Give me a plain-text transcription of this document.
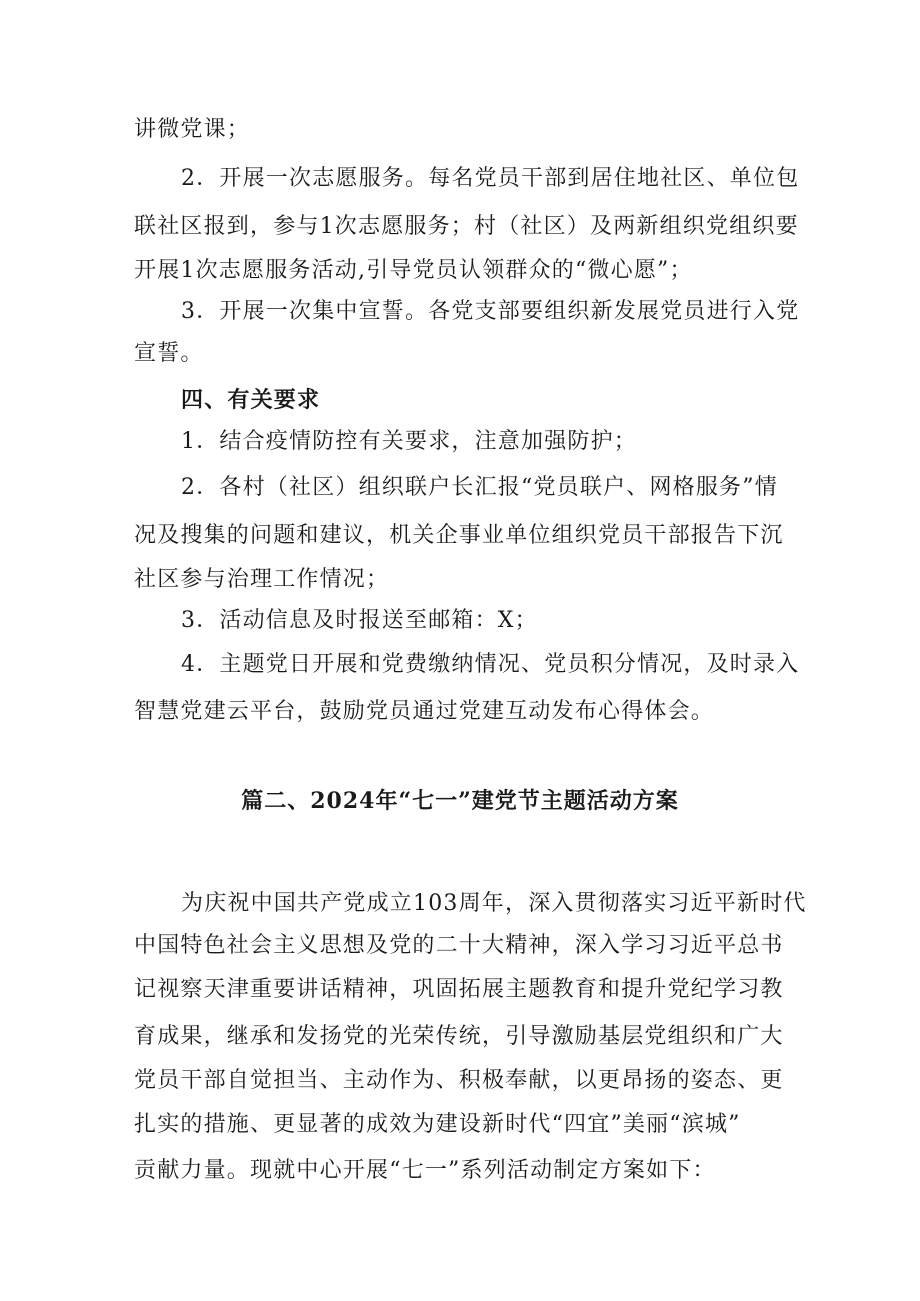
讲微党课；
2．开展一次志愿服务。每名党员干部到居住地社区、单位包
联社区报到，参与1次志愿服务；村（社区）及两新组织党组织要
开展1次志愿服务活动,引导党员认领群众的“微心愿”；
3．开展一次集中宣誓。各党支部要组织新发展党员进行入党
宣誓。
四、有关要求
1．结合疫情防控有关要求，注意加强防护；
2．各村（社区）组织联户长汇报“党员联户、网格服务”情
况及搜集的问题和建议，机关企事业单位组织党员干部报告下沉
社区参与治理工作情况；
3．活动信息及时报送至邮箱：X；
4．主题党日开展和党费缴纳情况、党员积分情况，及时录入
智慧党建云平台，鼓励党员通过党建互动发布心得体会。
篇二、2024年“七一”建党节主题活动方案
为庆祝中国共产党成立103周年，深入贯彻落实习近平新时代
中国特色社会主义思想及党的二十大精神，深入学习习近平总书
记视察天津重要讲话精神，巩固拓展主题教育和提升党纪学习教
育成果，继承和发扬党的光荣传统，引导激励基层党组织和广大
党员干部自觉担当、主动作为、积极奉献，以更昂扬的姿态、更
扎实的措施、更显著的成效为建设新时代“四宜”美丽“滨城”
贡献力量。现就中心开展“七一”系列活动制定方案如下：
